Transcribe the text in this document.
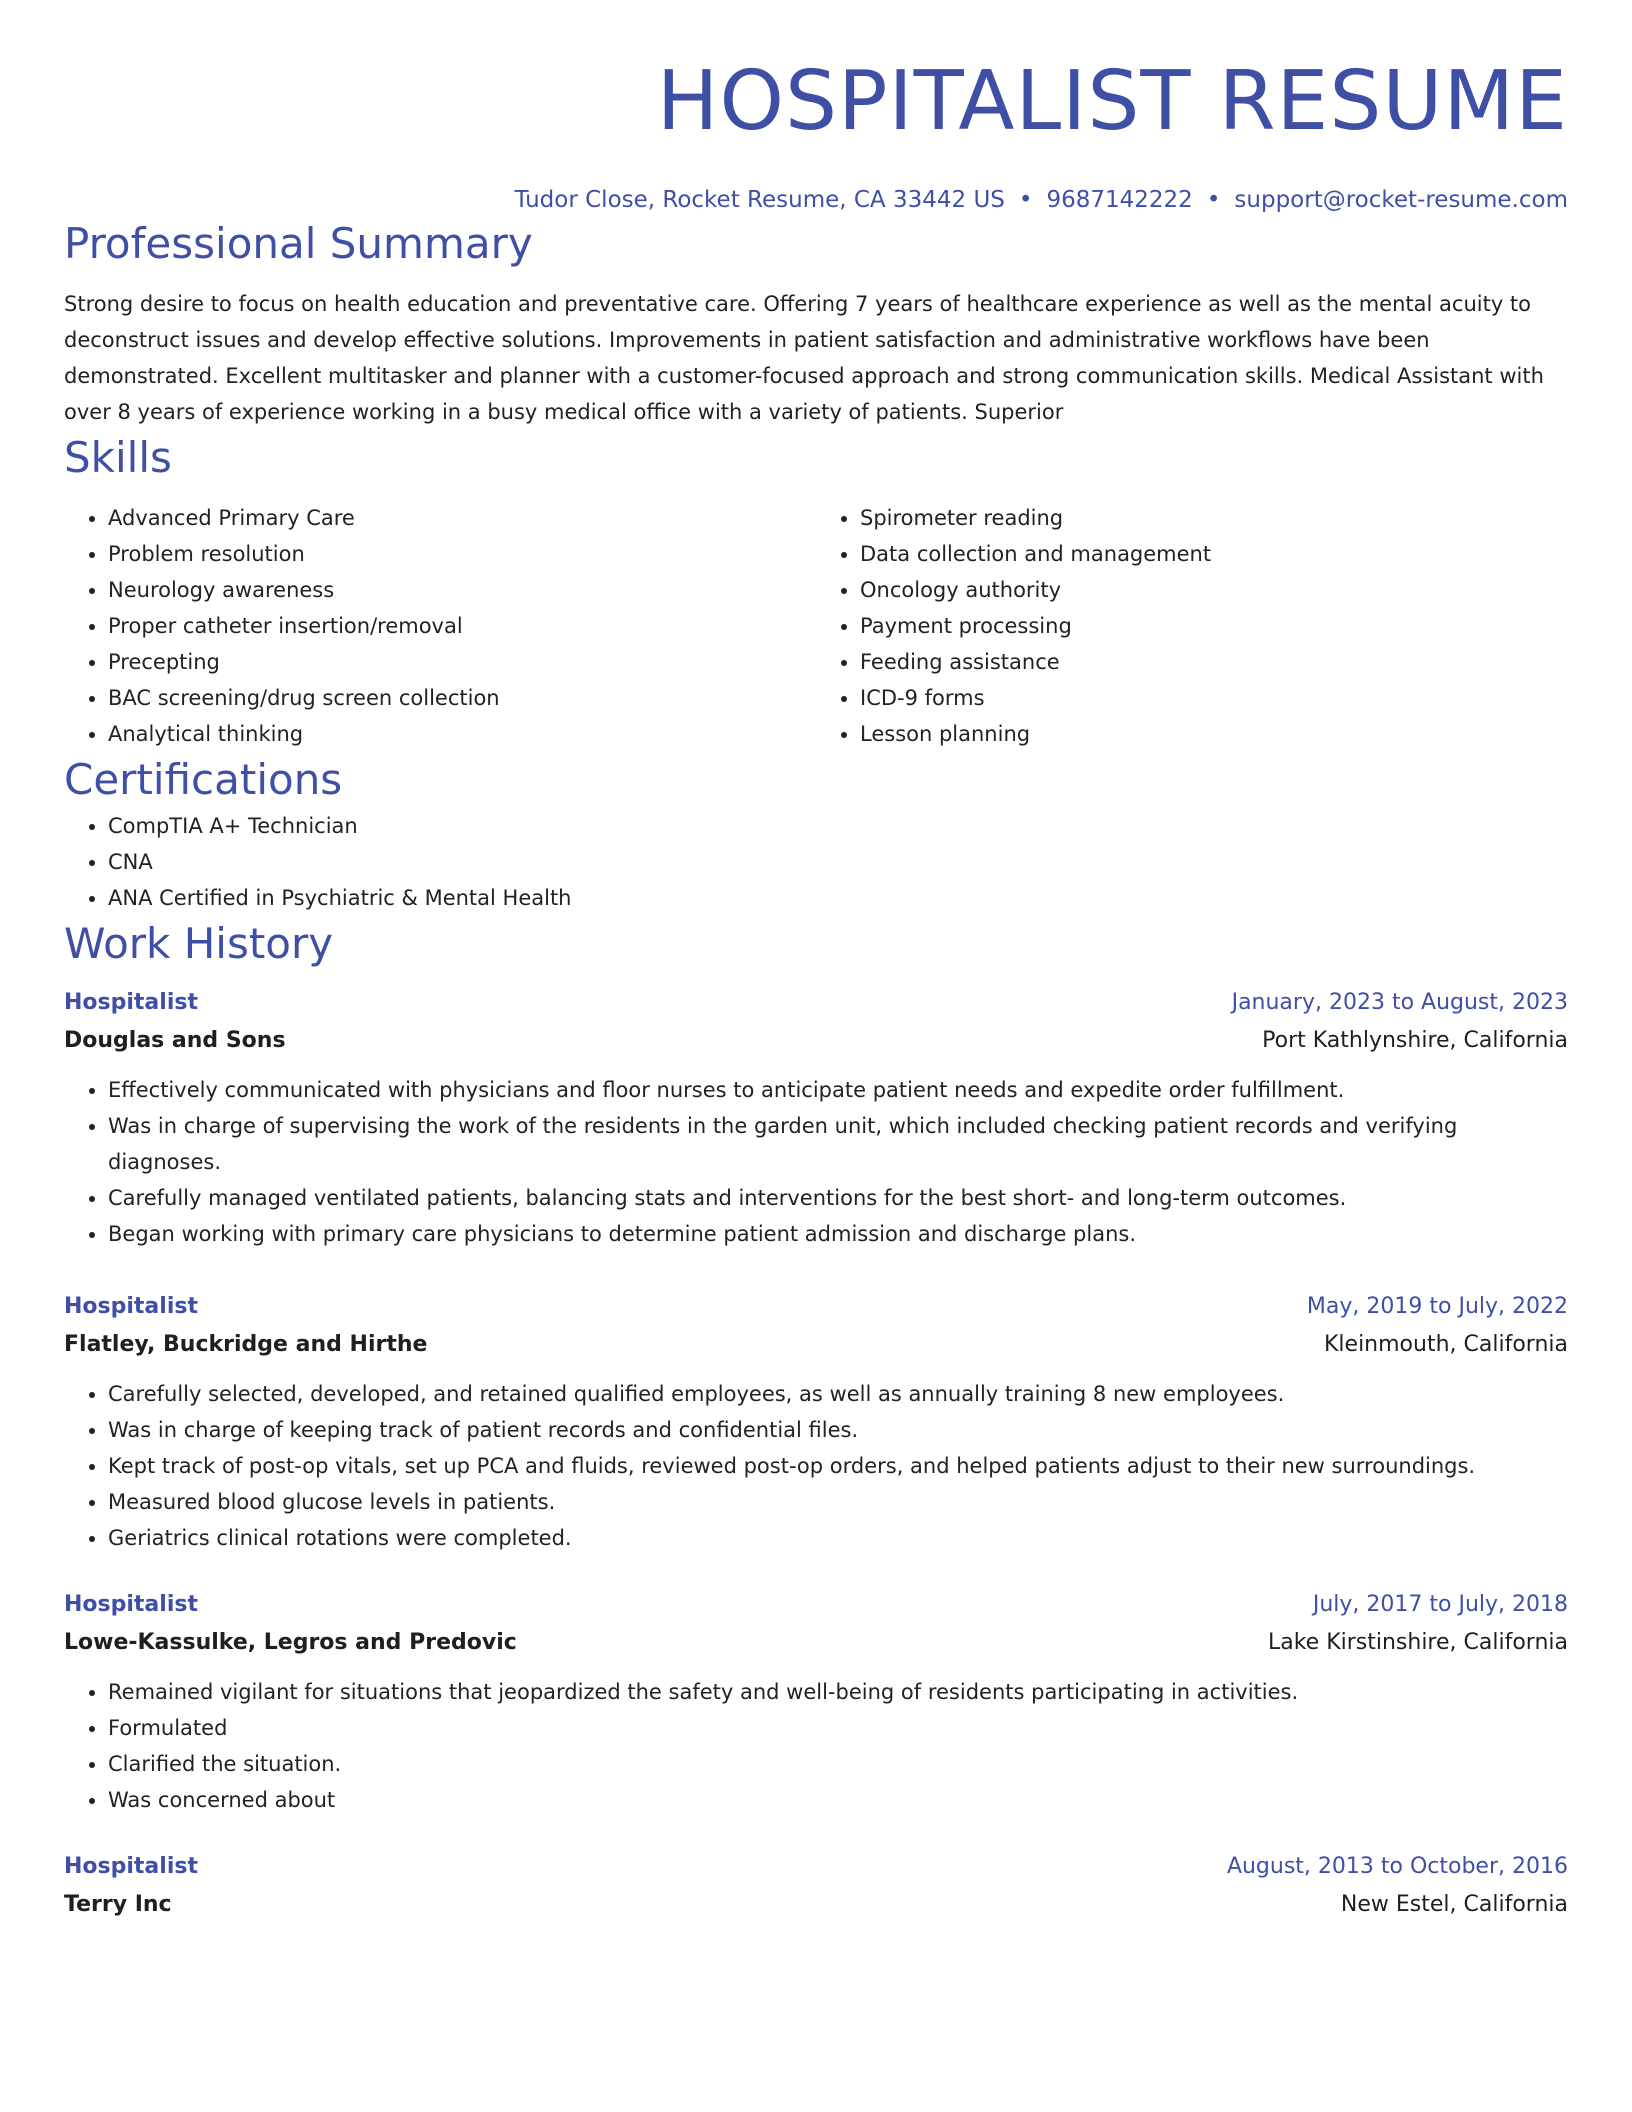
HOSPITALIST RESUME
Tudor Close, Rocket Resume, CA 33442 US • 9687142222 • support@rocket-resume.com
Professional Summary

Strong desire to focus on health education and preventative care. Offering 7 years of healthcare experience as well as the mental acuity to deconstruct issues and develop effective solutions. Improvements in patient satisfaction and administrative workflows have been demonstrated. Excellent multitasker and planner with a customer-focused approach and strong communication skills. Medical Assistant with over 8 years of experience working in a busy medical office with a variety of patients. Superior

Skills
• Advanced Primary Care
• Problem resolution
• Neurology awareness
• Proper catheter insertion/removal
• Precepting
• BAC screening/drug screen collection
• Analytical thinking
• Spirometer reading
• Data collection and management
• Oncology authority
• Payment processing
• Feeding assistance
• ICD-9 forms
• Lesson planning
Certifications
• CompTIA A+ Technician
• CNA
• ANA Certified in Psychiatric & Mental Health
Work History
Hospitalist	January, 2023 to August, 2023
Douglas and Sons	Port Kathlynshire, California
• Effectively communicated with physicians and floor nurses to anticipate patient needs and expedite order fulfillment.
• Was in charge of supervising the work of the residents in the garden unit, which included checking patient records and verifying diagnoses.
• Carefully managed ventilated patients, balancing stats and interventions for the best short- and long-term outcomes.
• Began working with primary care physicians to determine patient admission and discharge plans.
Hospitalist	May, 2019 to July, 2022
Flatley, Buckridge and Hirthe	Kleinmouth, California
• Carefully selected, developed, and retained qualified employees, as well as annually training 8 new employees.
• Was in charge of keeping track of patient records and confidential files.
• Kept track of post-op vitals, set up PCA and fluids, reviewed post-op orders, and helped patients adjust to their new surroundings.
• Measured blood glucose levels in patients.
• Geriatrics clinical rotations were completed.
Hospitalist	July, 2017 to July, 2018
Lowe-Kassulke, Legros and Predovic	Lake Kirstinshire, California
• Remained vigilant for situations that jeopardized the safety and well-being of residents participating in activities.
• Formulated
• Clarified the situation.
• Was concerned about
Hospitalist	August, 2013 to October, 2016
Terry Inc	New Estel, California
